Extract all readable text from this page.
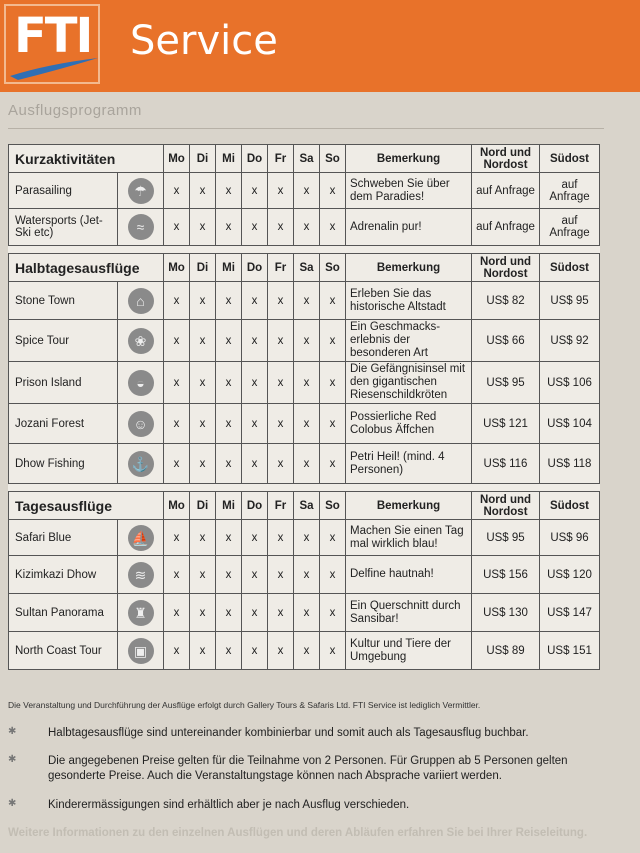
FTI Service
Ausflugsprogramm
Kurzaktivitäten		Mo	Di	Mi	Do	Fr	Sa	So	Bemerkung	Nord und Nordost	Südost
Parasailing	☂	x	x	x	x	x	x	x	Schweben Sie über dem Paradies!	auf Anfrage	auf Anfrage
Watersports (Jet-Ski etc)	≈	x	x	x	x	x	x	x	Adrenalin pur!	auf Anfrage	auf Anfrage

Halbtagesausflüge		Mo	Di	Mi	Do	Fr	Sa	So	Bemerkung	Nord und Nordost	Südost
Stone Town	⌂	x	x	x	x	x	x	x	Erleben Sie das historische Altstadt	US$ 82	US$ 95
Spice Tour	❀	x	x	x	x	x	x	x	Ein Geschmacks-erlebnis der besonderen Art	US$ 66	US$ 92
Prison Island	◒	x	x	x	x	x	x	x	Die Gefängnisinsel mit den gigantischen Riesenschildkröten	US$ 95	US$ 106
Jozani Forest	☺	x	x	x	x	x	x	x	Possierliche Red Colobus Äffchen	US$ 121	US$ 104
Dhow Fishing	⚓	x	x	x	x	x	x	x	Petri Heil! (mind. 4 Personen)	US$ 116	US$ 118

Tagesausflüge		Mo	Di	Mi	Do	Fr	Sa	So	Bemerkung	Nord und Nordost	Südost
Safari Blue	⛵	x	x	x	x	x	x	x	Machen Sie einen Tag mal wirklich blau!	US$ 95	US$ 96
Kizimkazi Dhow	≋	x	x	x	x	x	x	x	Delfine hautnah!	US$ 156	US$ 120
Sultan Panorama	♜	x	x	x	x	x	x	x	Ein Querschnitt durch Sansibar!	US$ 130	US$ 147
North Coast Tour	▣	x	x	x	x	x	x	x	Kultur und Tiere der Umgebung	US$ 89	US$ 151
Die Veranstaltung und Durchführung der Ausflüge erfolgt durch Gallery Tours & Safaris Ltd. FTI Service ist lediglich Vermittler.
✱	Halbtagesausflüge sind untereinander kombinierbar und somit auch als Tagesausflug buchbar.
✱	Die angegebenen Preise gelten für die Teilnahme von 2 Personen. Für Gruppen ab 5 Personen gelten gesonderte Preise. Auch die Veranstaltungstage können nach Absprache variiert werden.
✱	Kinderermässigungen sind erhältlich aber je nach Ausflug verschieden.
Weitere Informationen zu den einzelnen Ausflügen und deren Abläufen erfahren Sie bei Ihrer Reiseleitung.
